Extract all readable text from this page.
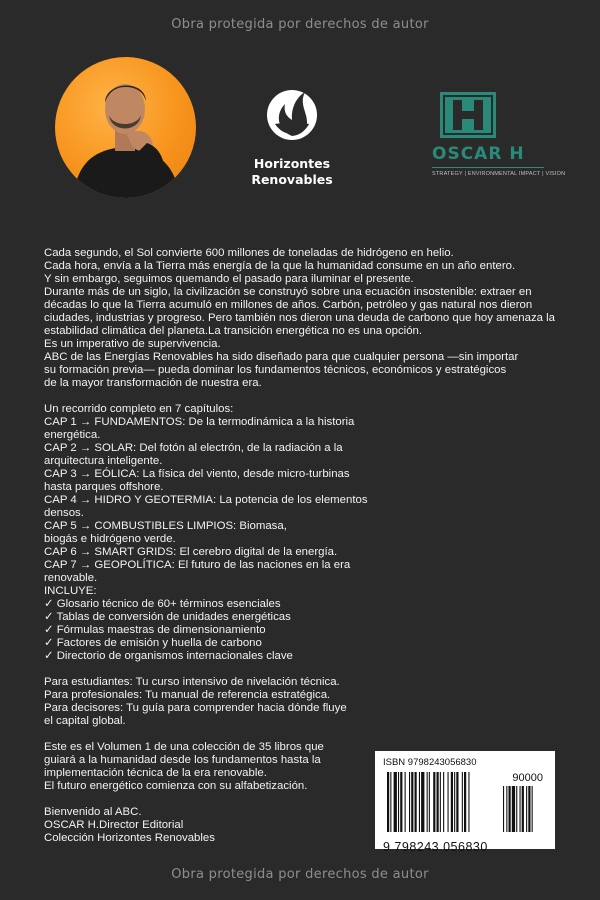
Obra protegida por derechos de autor
Horizontes
Renovables
OSCAR H
STRATEGY | ENVIRONMENTAL IMPACT | VISION

Cada segundo, el Sol convierte 600 millones de toneladas de hidrógeno en helio.
Cada hora, envía a la Tierra más energía de la que la humanidad consume en un año entero.
Y sin embargo, seguimos quemando el pasado para iluminar el presente.
Durante más de un siglo, la civilización se construyó sobre una ecuación insostenible: extraer en décadas lo que la Tierra acumuló en millones de años. Carbón, petróleo y gas natural nos dieron ciudades, industrias y progreso. Pero también nos dieron una deuda de carbono que hoy amenaza la estabilidad climática del planeta.La transición energética no es una opción.
Es un imperativo de supervivencia.
ABC de las Energías Renovables ha sido diseñado para que cualquier persona —sin importar
su formación previa— pueda dominar los fundamentos técnicos, económicos y estratégicos
de la mayor transformación de nuestra era.

Un recorrido completo en 7 capítulos:

CAP 1 → FUNDAMENTOS: De la termodinámica a la historia
energética.

CAP 2 → SOLAR: Del fotón al electrón, de la radiación a la
arquitectura inteligente.

CAP 3 → EÓLICA: La física del viento, desde micro-turbinas
hasta parques offshore.

CAP 4 → HIDRO Y GEOTERMIA: La potencia de los elementos
densos.

CAP 5 → COMBUSTIBLES LIMPIOS: Biomasa,
biogás e hidrógeno verde.

CAP 6 → SMART GRIDS: El cerebro digital de la energía.

CAP 7 → GEOPOLÍTICA: El futuro de las naciones en la era
renovable.

INCLUYE:

✓ Glosario técnico de 60+ términos esenciales

✓ Tablas de conversión de unidades energéticas

✓ Fórmulas maestras de dimensionamiento

✓ Factores de emisión y huella de carbono

✓ Directorio de organismos internacionales clave

Para estudiantes: Tu curso intensivo de nivelación técnica.
Para profesionales: Tu manual de referencia estratégica.
Para decisores: Tu guía para comprender hacia dónde fluye
el capital global.

Este es el Volumen 1 de una colección de 35 libros que
guiará a la humanidad desde los fundamentos hasta la
implementación técnica de la era renovable.
El futuro energético comienza con su alfabetización.

Bienvenido al ABC.
OSCAR H.Director Editorial
Colección Horizontes Renovables

ISBN 9798243056830
90000
9 798243 056830
Obra protegida por derechos de autor
